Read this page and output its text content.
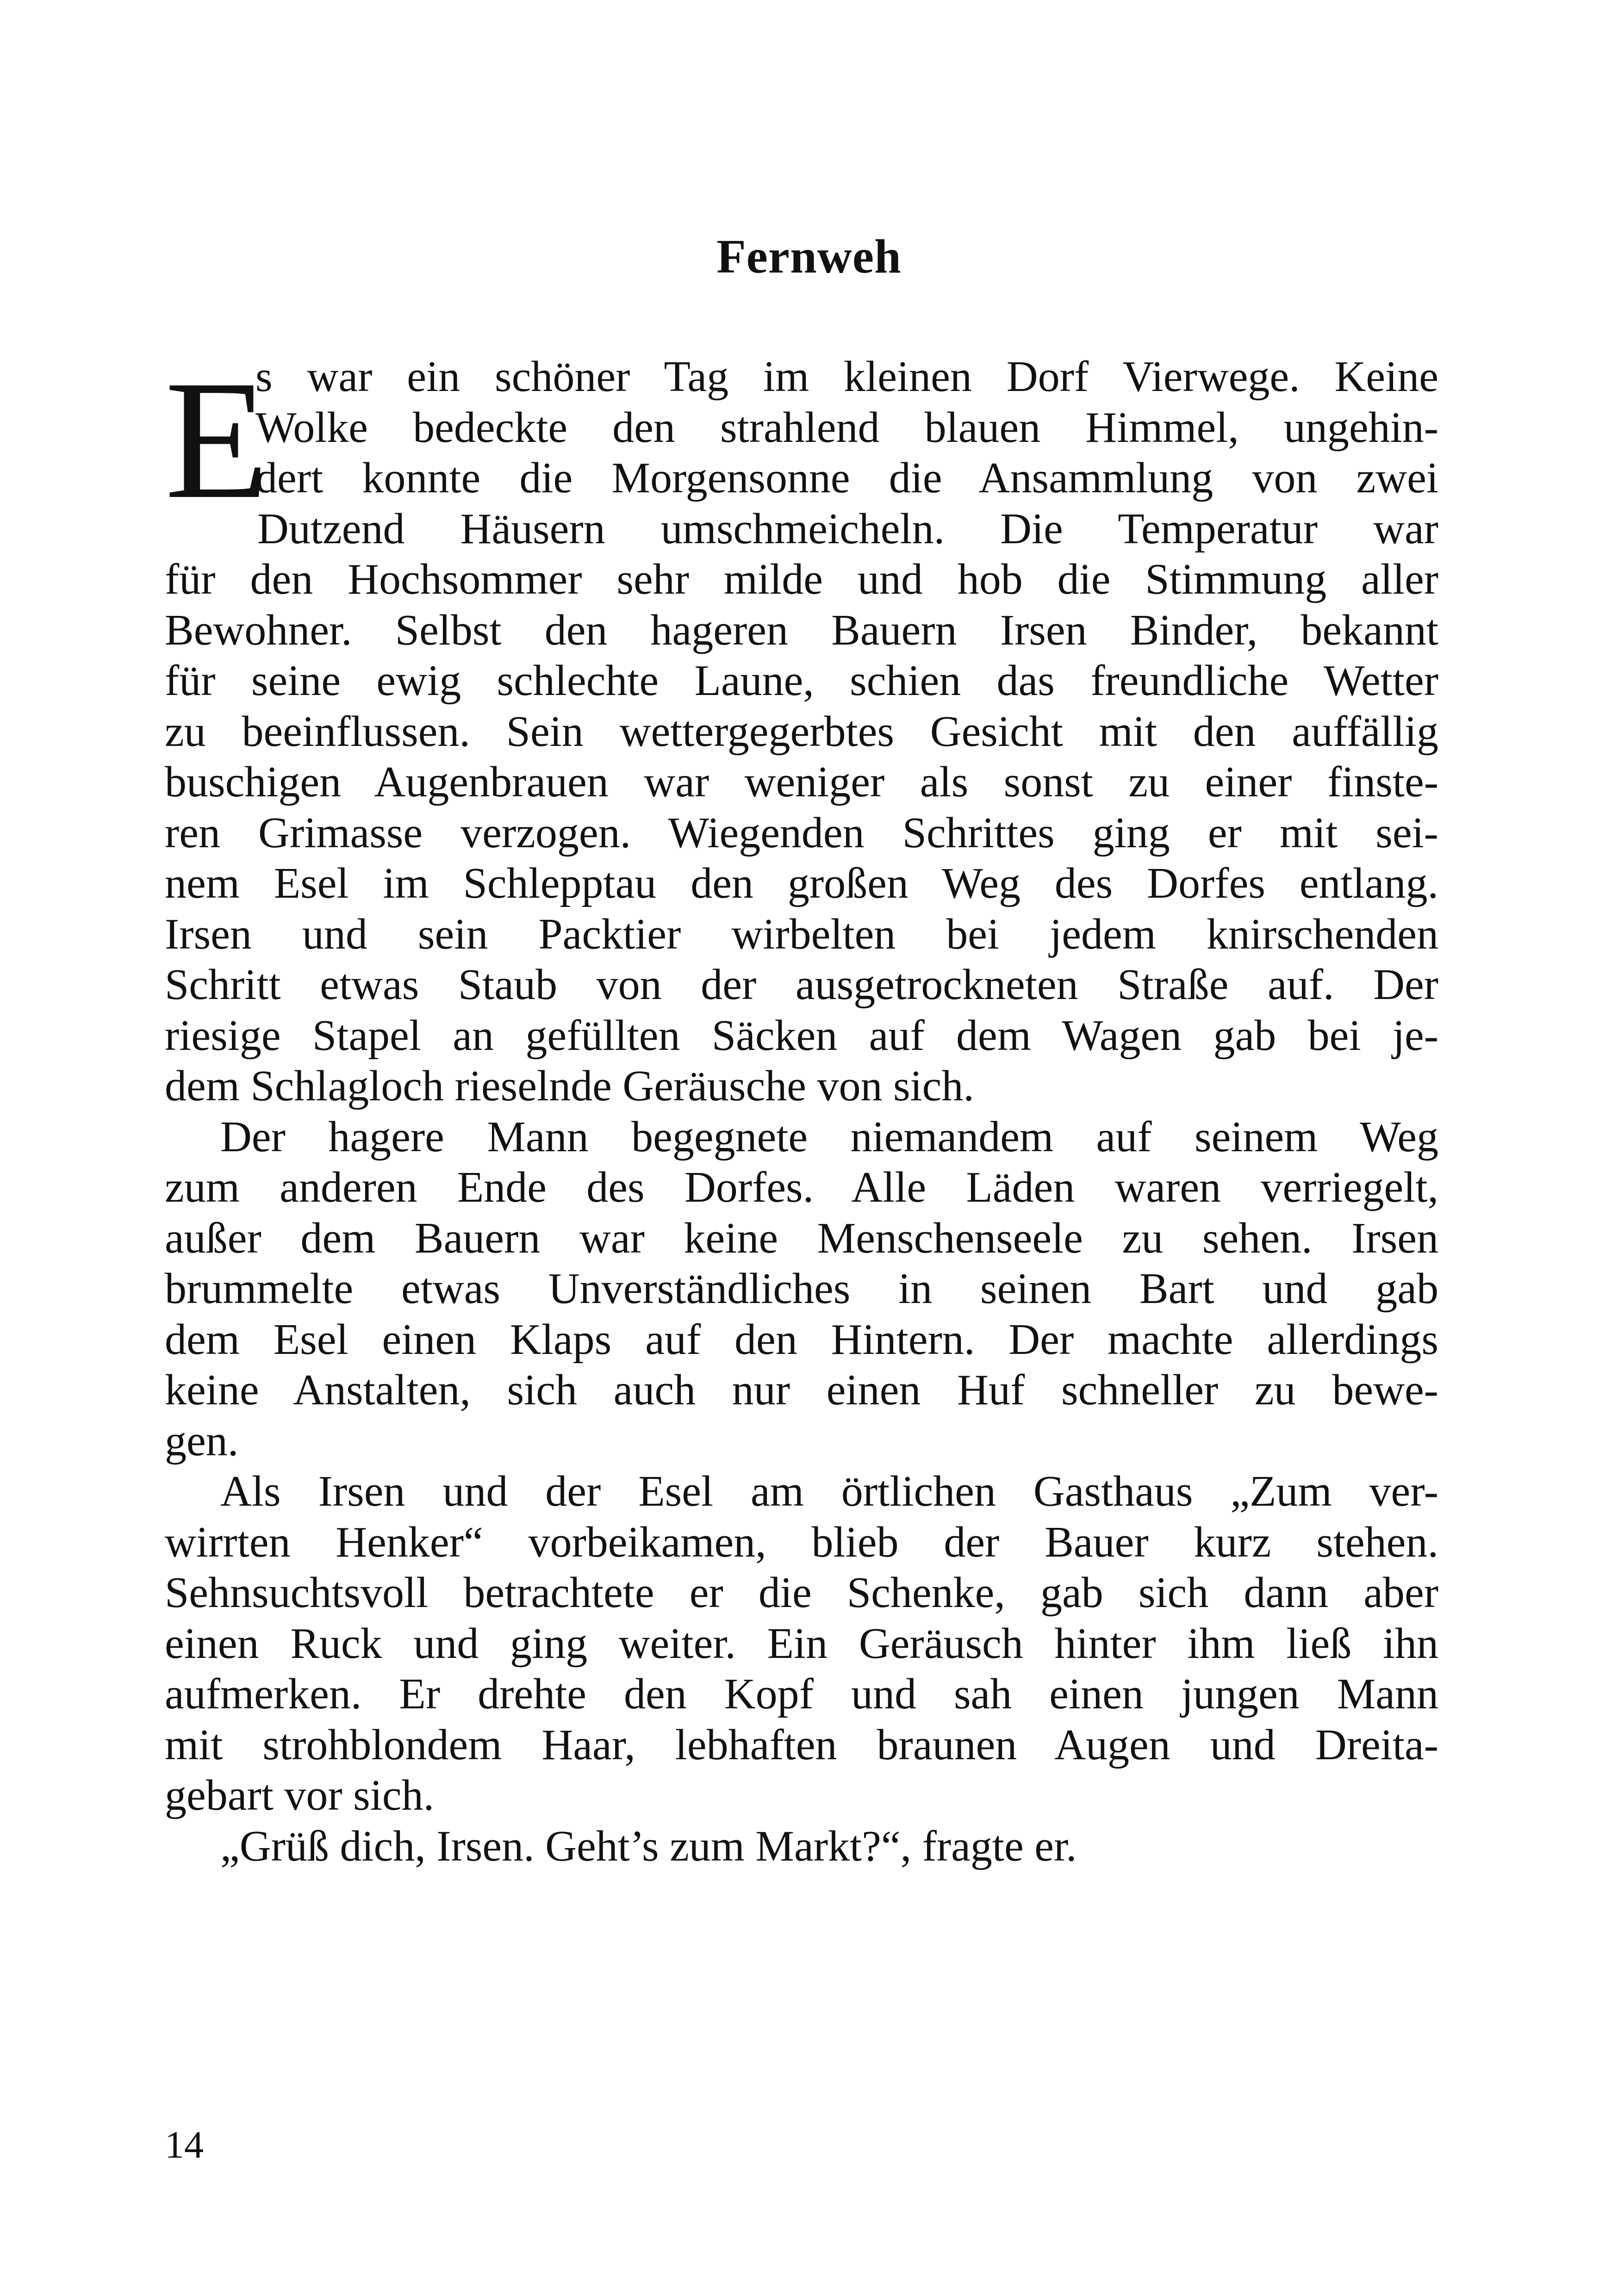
Fernweh
E
s war ein schöner Tag im kleinen Dorf Vierwege. Keine
Wolke bedeckte den strahlend blauen Himmel, ungehin-
dert konnte die Morgensonne die Ansammlung von zwei
Dutzend Häusern umschmeicheln. Die Temperatur war
für den Hochsommer sehr milde und hob die Stimmung aller
Bewohner. Selbst den hageren Bauern Irsen Binder, bekannt
für seine ewig schlechte Laune, schien das freundliche Wetter
zu beeinflussen. Sein wettergegerbtes Gesicht mit den auffällig
buschigen Augenbrauen war weniger als sonst zu einer finste-
ren Grimasse verzogen. Wiegenden Schrittes ging er mit sei-
nem Esel im Schlepptau den großen Weg des Dorfes entlang.
Irsen und sein Packtier wirbelten bei jedem knirschenden
Schritt etwas Staub von der ausgetrockneten Straße auf. Der
riesige Stapel an gefüllten Säcken auf dem Wagen gab bei je-
dem Schlagloch rieselnde Geräusche von sich.
Der hagere Mann begegnete niemandem auf seinem Weg
zum anderen Ende des Dorfes. Alle Läden waren verriegelt,
außer dem Bauern war keine Menschenseele zu sehen. Irsen
brummelte etwas Unverständliches in seinen Bart und gab
dem Esel einen Klaps auf den Hintern. Der machte allerdings
keine Anstalten, sich auch nur einen Huf schneller zu bewe-
gen.
Als Irsen und der Esel am örtlichen Gasthaus „Zum ver-
wirrten Henker“ vorbeikamen, blieb der Bauer kurz stehen.
Sehnsuchtsvoll betrachtete er die Schenke, gab sich dann aber
einen Ruck und ging weiter. Ein Geräusch hinter ihm ließ ihn
aufmerken. Er drehte den Kopf und sah einen jungen Mann
mit strohblondem Haar, lebhaften braunen Augen und Dreita-
gebart vor sich.
„Grüß dich, Irsen. Geht’s zum Markt?“, fragte er.
14
